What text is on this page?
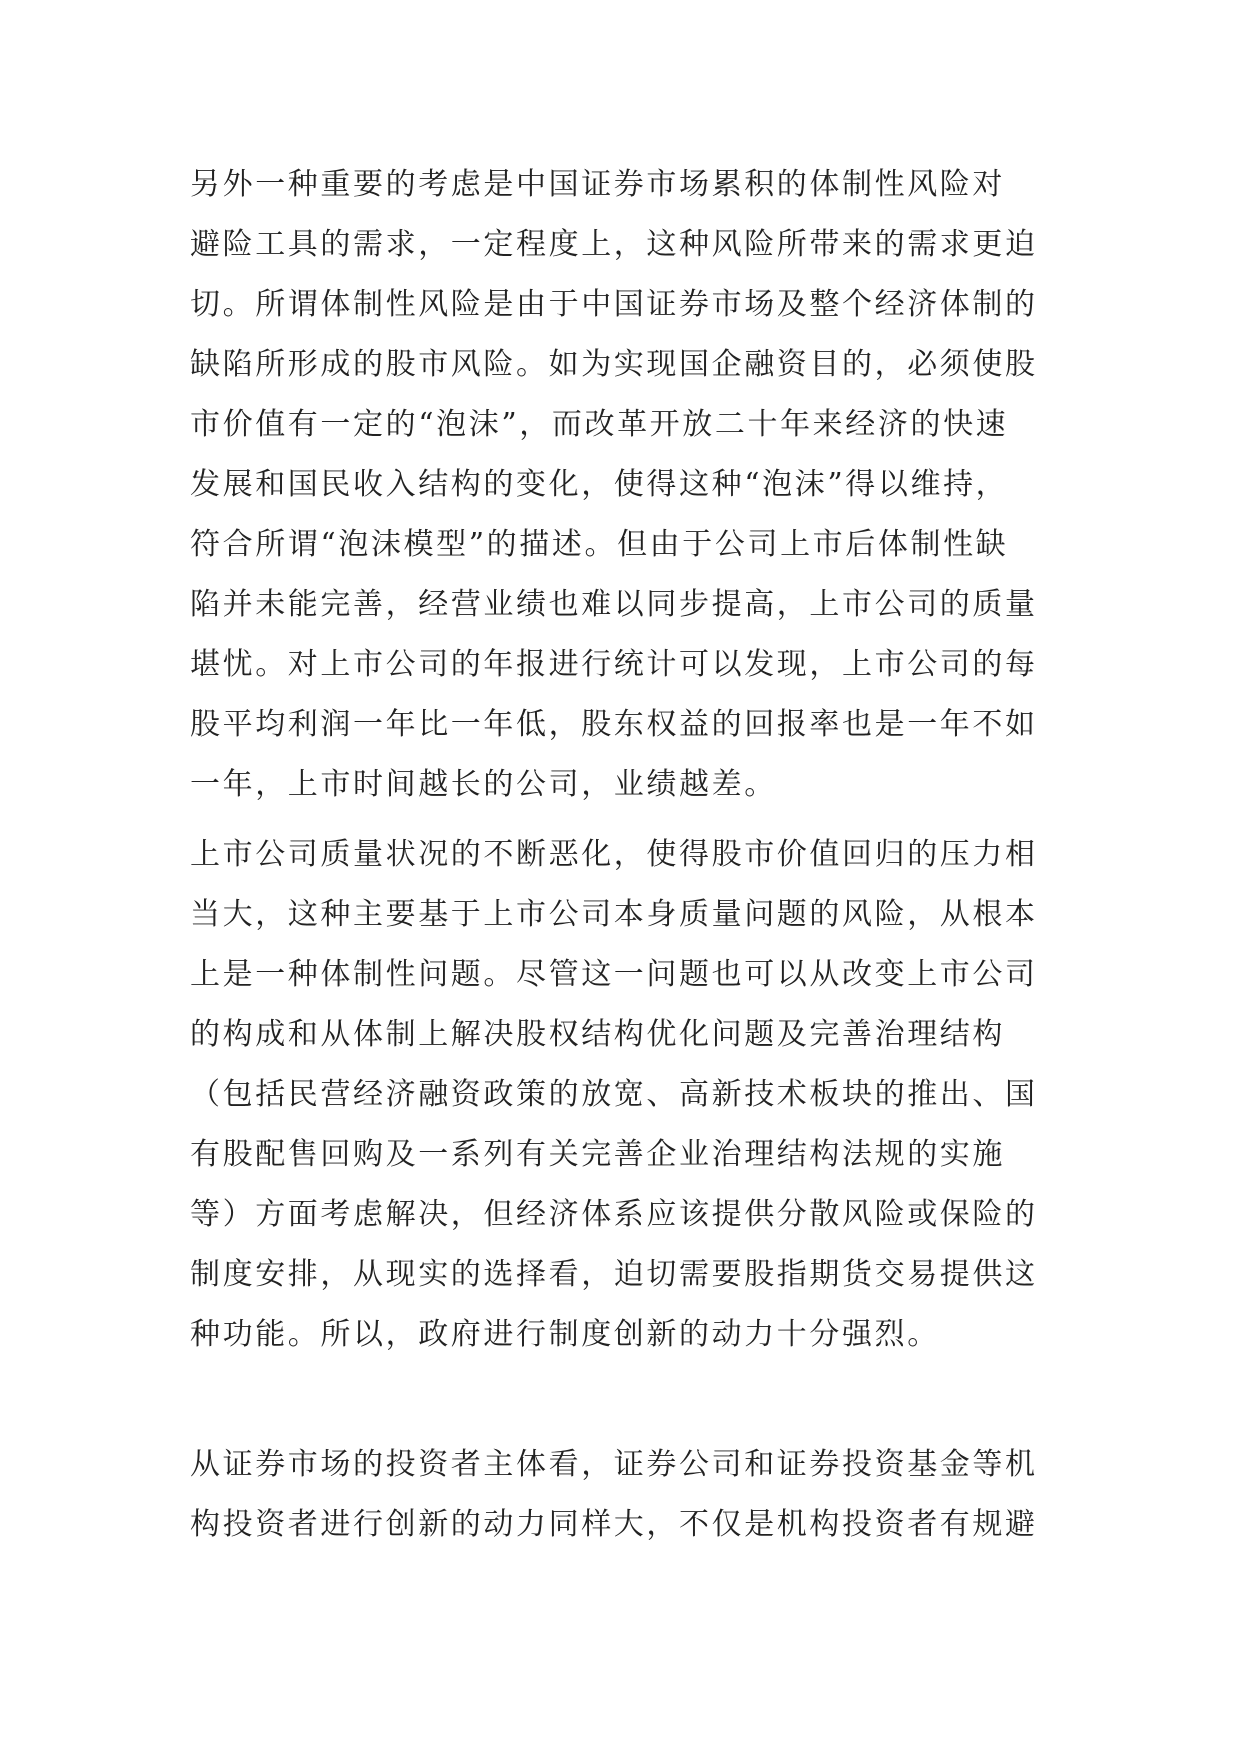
另外一种重要的考虑是中国证券市场累积的体制性风险对
避险工具的需求，一定程度上，这种风险所带来的需求更迫
切。所谓体制性风险是由于中国证券市场及整个经济体制的
缺陷所形成的股市风险。如为实现国企融资目的，必须使股
市价值有一定的“泡沫”，而改革开放二十年来经济的快速
发展和国民收入结构的变化，使得这种“泡沫”得以维持，
符合所谓“泡沫模型”的描述。但由于公司上市后体制性缺
陷并未能完善，经营业绩也难以同步提高，上市公司的质量
堪忧。对上市公司的年报进行统计可以发现，上市公司的每
股平均利润一年比一年低，股东权益的回报率也是一年不如
一年，上市时间越长的公司，业绩越差。
上市公司质量状况的不断恶化，使得股市价值回归的压力相
当大，这种主要基于上市公司本身质量问题的风险，从根本
上是一种体制性问题。尽管这一问题也可以从改变上市公司
的构成和从体制上解决股权结构优化问题及完善治理结构
（包括民营经济融资政策的放宽、高新技术板块的推出、国
有股配售回购及一系列有关完善企业治理结构法规的实施
等）方面考虑解决，但经济体系应该提供分散风险或保险的
制度安排，从现实的选择看，迫切需要股指期货交易提供这
种功能。所以，政府进行制度创新的动力十分强烈。
从证券市场的投资者主体看，证券公司和证券投资基金等机
构投资者进行创新的动力同样大，不仅是机构投资者有规避
